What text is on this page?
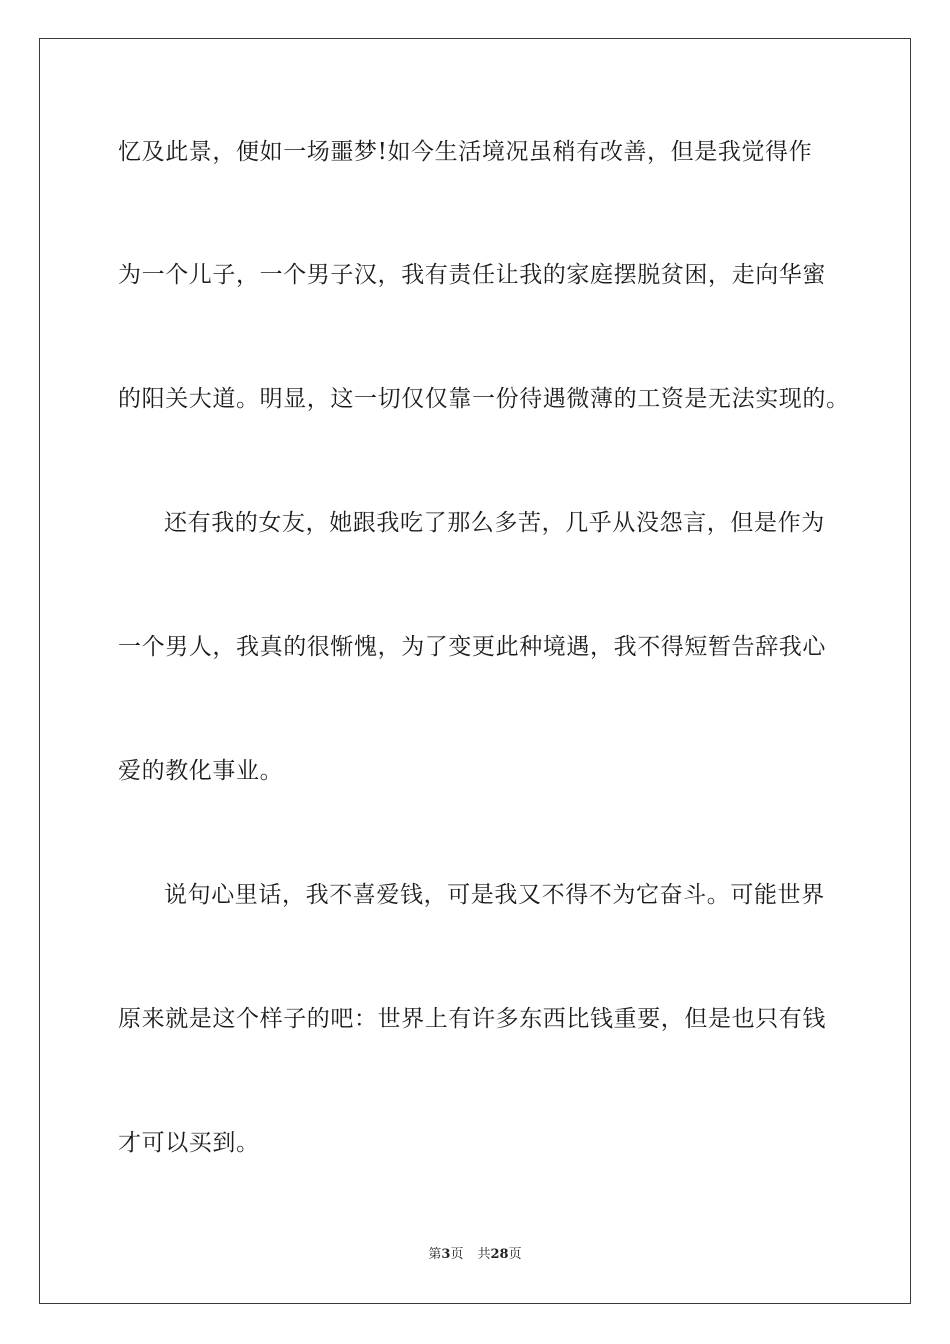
忆及此景，便如一场噩梦!如今生活境况虽稍有改善，但是我觉得作
为一个儿子，一个男子汉，我有责任让我的家庭摆脱贫困，走向华蜜
的阳关大道。明显，这一切仅仅靠一份待遇微薄的工资是无法实现的。
还有我的女友，她跟我吃了那么多苦，几乎从没怨言，但是作为
一个男人，我真的很惭愧，为了变更此种境遇，我不得短暂告辞我心
爱的教化事业。
说句心里话，我不喜爱钱，可是我又不得不为它奋斗。可能世界
原来就是这个样子的吧：世界上有许多东西比钱重要，但是也只有钱
才可以买到。
第3页 共28页
